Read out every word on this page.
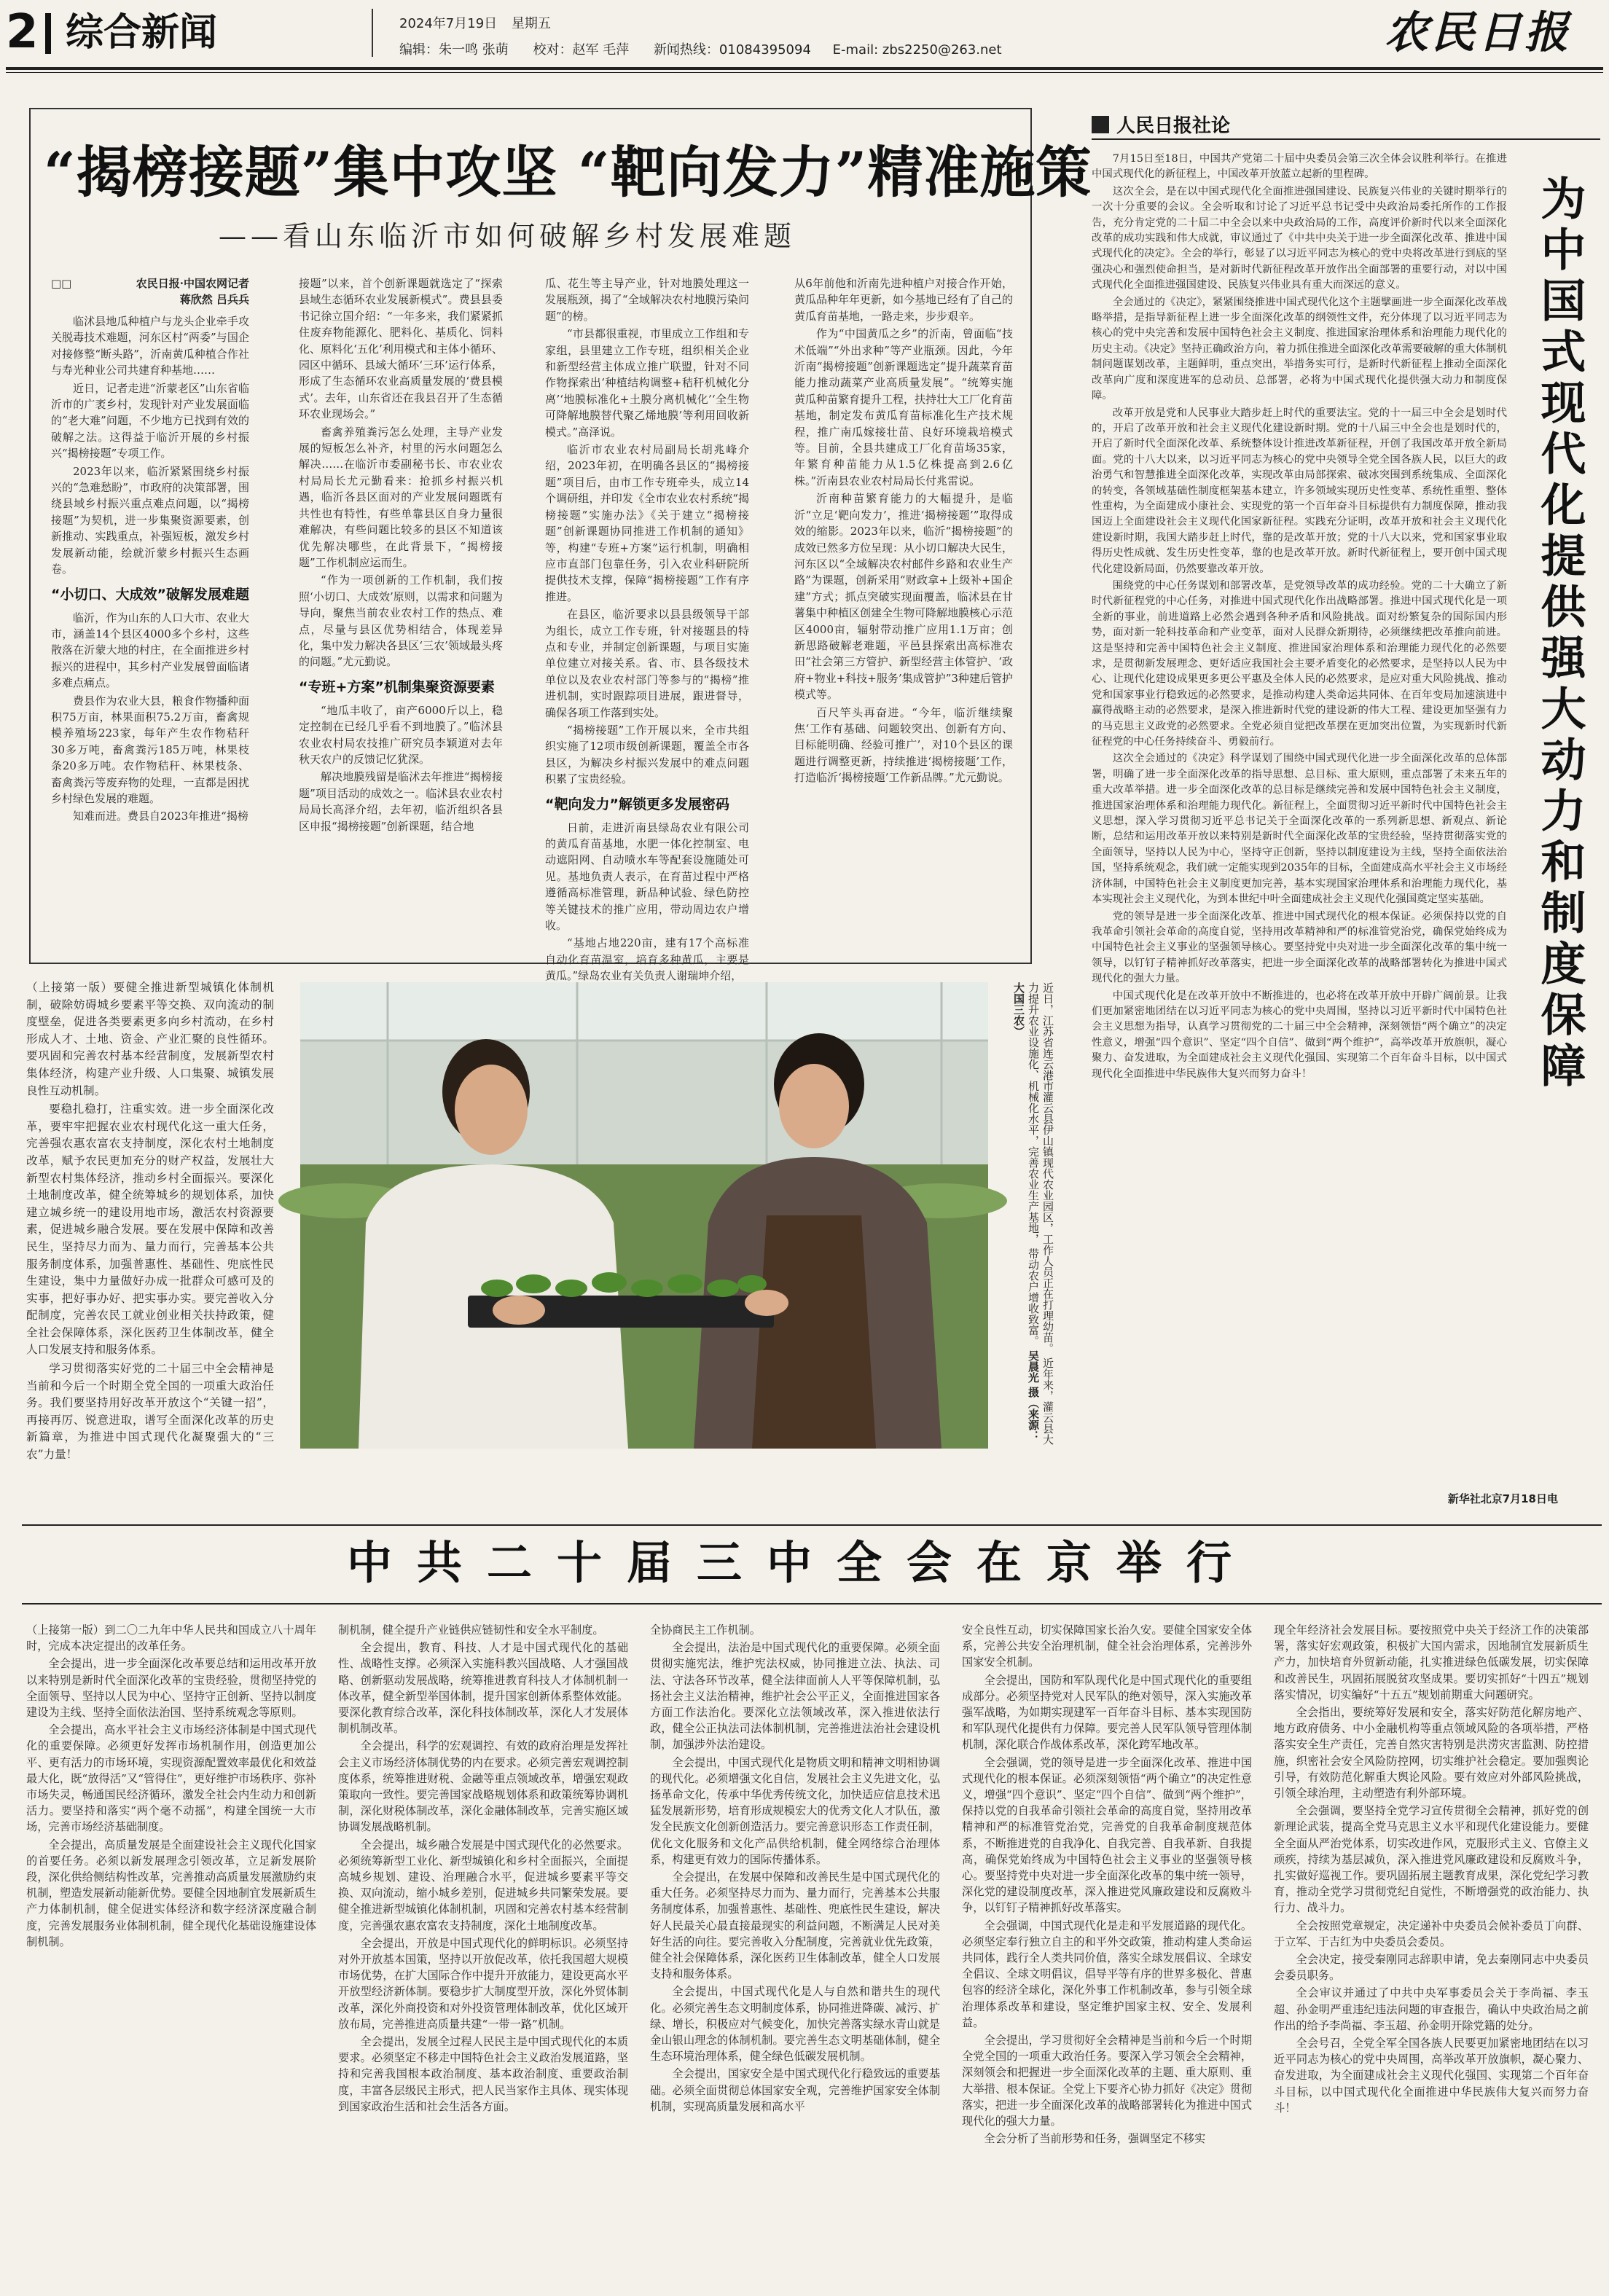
2 综合新闻	2024年7月19日 星期五
编辑：朱一鸣 张萌 校对：赵军 毛萍 新闻热线：01084395094 E-mail: zbs2250@263.net	农民日报
“揭榜接题”集中攻坚 “靶向发力”精准施策
——看山东临沂市如何破解乡村发展难题
□□	农民日报·中国农网记者
蒋欣然 吕兵兵

临沭县地瓜种植户与龙头企业牵手攻关脱毒技术难题，河东区村“两委”与国企对接修整“断头路”，沂南黄瓜种植合作社与寿光种业公司共建育种基地……

近日，记者走进“沂蒙老区”山东省临沂市的广袤乡村，发现针对产业发展面临的“老大难”问题，不少地方已找到有效的破解之法。这得益于临沂开展的乡村振兴“揭榜接题”专项工作。

2023年以来，临沂紧紧围绕乡村振兴的“急难愁盼”，市政府的决策部署，围绕县域乡村振兴重点难点问题，以“揭榜接题”为契机，进一步集聚资源要素，创新推动、实践重点，补强短板，激发乡村发展新动能，绘就沂蒙乡村振兴生态画卷。

“小切口、大成效”破解发展难题

临沂，作为山东的人口大市、农业大市，涵盖14个县区4000多个乡村，这些散落在沂蒙大地的村庄，在全面推进乡村振兴的进程中，其乡村产业发展曾面临诸多难点痛点。

费县作为农业大县，粮食作物播种面积75万亩，林果面积75.2万亩，畜禽规模养殖场223家，每年产生农作物秸秆30多万吨，畜禽粪污185万吨，林果枝条20多万吨。农作物秸秆、林果枝条、畜禽粪污等废弃物的处理，一直都是困扰乡村绿色发展的难题。

知难而进。费县自2023年推进“揭榜

接题”以来，首个创新课题就选定了“探索县域生态循环农业发展新模式”。费县县委书记徐立国介绍：“一年多来，我们紧紧抓住废弃物能源化、肥料化、基质化、饲料化、原料化‘五化’利用模式和主体小循环、园区中循环、县域大循环‘三环’运行体系，形成了生态循环农业高质量发展的‘费县模式’。去年，山东省还在我县召开了生态循环农业现场会。”

畜禽养殖粪污怎么处理，主导产业发展的短板怎么补齐，村里的污水问题怎么解决……在临沂市委副秘书长、市农业农村局局长尤元勤看来：抢抓乡村振兴机遇，临沂各县区面对的产业发展问题既有共性也有特性，有些单靠县区自身力量很难解决，有些问题比较多的县区不知道该优先解决哪些，在此背景下，“揭榜接题”工作机制应运而生。

“作为一项创新的工作机制，我们按照‘小切口、大成效’原则，以需求和问题为导向，聚焦当前农业农村工作的热点、难点，尽量与县区优势相结合，体现差异化，集中发力解决各县区‘三农’领域最头疼的问题。”尤元勤说。

“专班+方案”机制集聚资源要素

“地瓜丰收了，亩产6000斤以上，稳定控制在已经几乎看不到地膜了。”临沭县农业农村局农技推广研究员李颖道对去年秋天农户的反馈记忆犹深。

解决地膜残留是临沭去年推进“揭榜接题”项目活动的成效之一。临沭县农业农村局局长高泽介绍，去年初，临沂组织各县区申报“揭榜接题”创新课题，结合地

瓜、花生等主导产业，针对地膜处理这一发展瓶颈，揭了“全域解决农村地膜污染问题”的榜。

“市县都很重视，市里成立工作组和专家组，县里建立工作专班，组织相关企业和新型经营主体成立推广联盟，针对不同作物探索出‘种植结构调整+秸秆机械化分离’‘地膜标准化+土膜分离机械化’‘全生物可降解地膜替代聚乙烯地膜’等利用回收新模式。”高泽说。

临沂市农业农村局副局长胡兆峰介绍，2023年初，在明确各县区的“揭榜接题”项目后，由市工作专班牵头，成立14个调研组，并印发《全市农业农村系统“揭榜接题”实施办法》《关于建立“揭榜接题”创新课题协同推进工作机制的通知》等，构建“专班+方案”运行机制，明确相应市直部门包靠任务，引入农业科研院所提供技术支撑，保障“揭榜接题”工作有序推进。

在县区，临沂要求以县县级领导干部为组长，成立工作专班，针对接题县的特点和专业，并制定创新课题，与项目实施单位建立对接关系。省、市、县各级技术单位以及农业农村部门等参与的“揭榜”推进机制，实时跟踪项目进展，跟进督导，确保各项工作落到实处。

“揭榜接题”工作开展以来，全市共组织实施了12项市级创新课题，覆盖全市各县区，为解决乡村振兴发展中的难点问题积累了宝贵经验。

“靶向发力”解锁更多发展密码

日前，走进沂南县绿岛农业有限公司的黄瓜育苗基地，水肥一体化控制室、电动遮阳网、自动喷水车等配套设施随处可见。基地负责人表示，在育苗过程中严格遵循高标准管理，新品种试验、绿色防控等关键技术的推广应用，带动周边农户增收。

“基地占地220亩，建有17个高标准自动化育苗温室，培育多种黄瓜，主要是黄瓜。”绿岛农业有关负责人谢瑞坤介绍，

从6年前他和沂南先进种植户对接合作开始，黄瓜品种年年更新，如今基地已经有了自己的黄瓜育苗基地，一路走来，步步艰辛。

作为“中国黄瓜之乡”的沂南，曾面临“技术低端”“外出求种”等产业瓶颈。因此，今年沂南“揭榜接题”创新课题选定“提升蔬菜育苗能力推动蔬菜产业高质量发展”。“统筹实施黄瓜种苗繁育提升工程，扶持壮大工厂化育苗基地，制定发布黄瓜育苗标准化生产技术规程，推广南瓜嫁接壮苗、良好环境栽培模式等。目前，全县共建成工厂化育苗场35家，年繁育种苗能力从1.5亿株提高到2.6亿株。”沂南县农业农村局局长付兆雷说。

沂南种苗繁育能力的大幅提升，是临沂“立足‘靶向发力’，推进‘揭榜接题’”取得成效的缩影。2023年以来，临沂“揭榜接题”的成效已然多方位呈现：从小切口解决大民生，河东区以“全域解决农村邮件乡路和农业生产路”为课题，创新采用“财政拿+上级补+国企建”方式；抓点突破实现面覆盖，临沭县在甘薯集中种植区创建全生物可降解地膜核心示范区4000亩，辐射带动推广应用1.1万亩；创新思路破解老难题，平邑县探索出高标准农田“社会第三方管护、新型经营主体管护、‘政府+物业+科技+服务’集成管护”3种建后管护模式等。

百尺竿头再奋进。“今年，临沂继续聚焦‘工作有基础、问题较突出、创新有方向、目标能明确、经验可推广’，对10个县区的课题进行调整更新，持续推进‘揭榜接题’工作，打造临沂‘揭榜接题’工作新品牌。”尤元勤说。

（上接第一版）要健全推进新型城镇化体制机制，破除妨碍城乡要素平等交换、双向流动的制度壁垒，促进各类要素更多向乡村流动，在乡村形成人才、土地、资金、产业汇聚的良性循环。要巩固和完善农村基本经营制度，发展新型农村集体经济，构建产业升级、人口集聚、城镇发展良性互动机制。

要稳扎稳打，注重实效。进一步全面深化改革，要牢牢把握农业农村现代化这一重大任务，完善强农惠农富农支持制度，深化农村土地制度改革，赋予农民更加充分的财产权益，发展壮大新型农村集体经济，推动乡村全面振兴。要深化土地制度改革，健全统筹城乡的规划体系，加快建立城乡统一的建设用地市场，激活农村资源要素，促进城乡融合发展。要在发展中保障和改善民生，坚持尽力而为、量力而行，完善基本公共服务制度体系，加强普惠性、基础性、兜底性民生建设，集中力量做好办成一批群众可感可及的实事，把好事办好、把实事办实。要完善收入分配制度，完善农民工就业创业相关扶持政策，健全社会保障体系，深化医药卫生体制改革，健全人口发展支持和服务体系。

学习贯彻落实好党的二十届三中全会精神是当前和今后一个时期全党全国的一项重大政治任务。我们要坚持用好改革开放这个“关键一招”，再接再厉、锐意进取，谱写全面深化改革的历史新篇章，为推进中国式现代化凝聚强大的“三农”力量！

近日，江苏省连云港市灌云县伊山镇现代农业园区，工作人员正在打理幼苗。 近年来，灌云县大力提升农业设施化、机械化水平，完善农业生产基地， 带动农户增收致富。 吴晨光 摄（来源：大国三农）
人民日报社论

7月15日至18日，中国共产党第二十届中央委员会第三次全体会议胜利举行。在推进中国式现代化的新征程上，中国改革开放蓝立起新的里程碑。

这次全会，是在以中国式现代化全面推进强国建设、民族复兴伟业的关键时期举行的一次十分重要的会议。全会听取和讨论了习近平总书记受中央政治局委托所作的工作报告，充分肯定党的二十届二中全会以来中央政治局的工作，高度评价新时代以来全面深化改革的成功实践和伟大成就，审议通过了《中共中央关于进一步全面深化改革、推进中国式现代化的决定》。全会的举行，彰显了以习近平同志为核心的党中央将改革进行到底的坚强决心和强烈使命担当，是对新时代新征程改革开放作出全面部署的重要行动，对以中国式现代化全面推进强国建设、民族复兴伟业具有重大而深远的意义。

全会通过的《决定》，紧紧围绕推进中国式现代化这个主题擘画进一步全面深化改革战略举措，是指导新征程上进一步全面深化改革的纲领性文件，充分体现了以习近平同志为核心的党中央完善和发展中国特色社会主义制度、推进国家治理体系和治理能力现代化的历史主动。《决定》坚持正确政治方向，着力抓住推进全面深化改革需要破解的重大体制机制问题谋划改革，主题鲜明，重点突出，举措务实可行，是新时代新征程上推动全面深化改革向广度和深度进军的总动员、总部署，必将为中国式现代化提供强大动力和制度保障。

改革开放是党和人民事业大踏步赶上时代的重要法宝。党的十一届三中全会是划时代的，开启了改革开放和社会主义现代化建设新时期。党的十八届三中全会也是划时代的，开启了新时代全面深化改革、系统整体设计推进改革新征程，开创了我国改革开放全新局面。党的十八大以来，以习近平同志为核心的党中央领导全党全国各族人民，以巨大的政治勇气和智慧推进全面深化改革，实现改革由局部探索、破冰突围到系统集成、全面深化的转变，各领域基础性制度框架基本建立，许多领域实现历史性变革、系统性重塑、整体性重构，为全面建成小康社会、实现党的第一个百年奋斗目标提供有力制度保障，推动我国迈上全面建设社会主义现代化国家新征程。实践充分证明，改革开放和社会主义现代化建设新时期，我国大踏步赶上时代，靠的是改革开放；党的十八大以来，党和国家事业取得历史性成就、发生历史性变革，靠的也是改革开放。新时代新征程上，要开创中国式现代化建设新局面，仍然要靠改革开放。

围绕党的中心任务谋划和部署改革，是党领导改革的成功经验。党的二十大确立了新时代新征程党的中心任务，对推进中国式现代化作出战略部署。推进中国式现代化是一项全新的事业，前进道路上必然会遇到各种矛盾和风险挑战。面对纷繁复杂的国际国内形势，面对新一轮科技革命和产业变革，面对人民群众新期待，必须继续把改革推向前进。这是坚持和完善中国特色社会主义制度、推进国家治理体系和治理能力现代化的必然要求，是贯彻新发展理念、更好适应我国社会主要矛盾变化的必然要求，是坚持以人民为中心、让现代化建设成果更多更公平惠及全体人民的必然要求，是应对重大风险挑战、推动党和国家事业行稳致远的必然要求，是推动构建人类命运共同体、在百年变局加速演进中赢得战略主动的必然要求，是深入推进新时代党的建设新的伟大工程、建设更加坚强有力的马克思主义政党的必然要求。全党必须自觉把改革摆在更加突出位置，为实现新时代新征程党的中心任务持续奋斗、勇毅前行。

这次全会通过的《决定》科学谋划了围绕中国式现代化进一步全面深化改革的总体部署，明确了进一步全面深化改革的指导思想、总目标、重大原则，重点部署了未来五年的重大改革举措。进一步全面深化改革的总目标是继续完善和发展中国特色社会主义制度，推进国家治理体系和治理能力现代化。新征程上，全面贯彻习近平新时代中国特色社会主义思想，深入学习贯彻习近平总书记关于全面深化改革的一系列新思想、新观点、新论断，总结和运用改革开放以来特别是新时代全面深化改革的宝贵经验，坚持贯彻落实党的全面领导，坚持以人民为中心，坚持守正创新，坚持以制度建设为主线，坚持全面依法治国，坚持系统观念，我们就一定能实现到2035年的目标，全面建成高水平社会主义市场经济体制，中国特色社会主义制度更加完善，基本实现国家治理体系和治理能力现代化，基本实现社会主义现代化，为到本世纪中叶全面建成社会主义现代化强国奠定坚实基础。

党的领导是进一步全面深化改革、推进中国式现代化的根本保证。必须保持以党的自我革命引领社会革命的高度自觉，坚持用改革精神和严的标准管党治党，确保党始终成为中国特色社会主义事业的坚强领导核心。要坚持党中央对进一步全面深化改革的集中统一领导，以钉钉子精神抓好改革落实，把进一步全面深化改革的战略部署转化为推进中国式现代化的强大力量。

中国式现代化是在改革开放中不断推进的，也必将在改革开放中开辟广阔前景。让我们更加紧密地团结在以习近平同志为核心的党中央周围，坚持以习近平新时代中国特色社会主义思想为指导，认真学习贯彻党的二十届三中全会精神，深刻领悟“两个确立”的决定性意义，增强“四个意识”、坚定“四个自信”、做到“两个维护”，高举改革开放旗帜，凝心聚力、奋发进取，为全面建成社会主义现代化强国、实现第二个百年奋斗目标，以中国式现代化全面推进中华民族伟大复兴而努力奋斗！

新华社北京7月18日电
为中国式现代化提供强大动力和制度保障
中共二十届三中全会在京举行

（上接第一版）到二〇二九年中华人民共和国成立八十周年时，完成本决定提出的改革任务。

全会提出，进一步全面深化改革要总结和运用改革开放以来特别是新时代全面深化改革的宝贵经验，贯彻坚持党的全面领导、坚持以人民为中心、坚持守正创新、坚持以制度建设为主线、坚持全面依法治国、坚持系统观念等原则。

全会提出，高水平社会主义市场经济体制是中国式现代化的重要保障。必须更好发挥市场机制作用，创造更加公平、更有活力的市场环境，实现资源配置效率最优化和效益最大化，既“放得活”又“管得住”，更好维护市场秩序、弥补市场失灵，畅通国民经济循环，激发全社会内生动力和创新活力。要坚持和落实“两个毫不动摇”，构建全国统一大市场，完善市场经济基础制度。

全会提出，高质量发展是全面建设社会主义现代化国家的首要任务。必须以新发展理念引领改革，立足新发展阶段，深化供给侧结构性改革，完善推动高质量发展激励约束机制，塑造发展新动能新优势。要健全因地制宜发展新质生产力体制机制，健全促进实体经济和数字经济深度融合制度，完善发展服务业体制机制，健全现代化基础设施建设体制机制。

制机制，健全提升产业链供应链韧性和安全水平制度。

全会提出，教育、科技、人才是中国式现代化的基础性、战略性支撑。必须深入实施科教兴国战略、人才强国战略、创新驱动发展战略，统筹推进教育科技人才体制机制一体改革，健全新型举国体制，提升国家创新体系整体效能。要深化教育综合改革，深化科技体制改革，深化人才发展体制机制改革。

全会提出，科学的宏观调控、有效的政府治理是发挥社会主义市场经济体制优势的内在要求。必须完善宏观调控制度体系，统筹推进财税、金融等重点领域改革，增强宏观政策取向一致性。要完善国家战略规划体系和政策统筹协调机制，深化财税体制改革，深化金融体制改革，完善实施区域协调发展战略机制。

全会提出，城乡融合发展是中国式现代化的必然要求。必须统筹新型工业化、新型城镇化和乡村全面振兴，全面提高城乡规划、建设、治理融合水平，促进城乡要素平等交换、双向流动，缩小城乡差别，促进城乡共同繁荣发展。要健全推进新型城镇化体制机制，巩固和完善农村基本经营制度，完善强农惠农富农支持制度，深化土地制度改革。

全会提出，开放是中国式现代化的鲜明标识。必须坚持对外开放基本国策，坚持以开放促改革，依托我国超大规模市场优势，在扩大国际合作中提升开放能力，建设更高水平开放型经济新体制。要稳步扩大制度型开放，深化外贸体制改革，深化外商投资和对外投资管理体制改革，优化区域开放布局，完善推进高质量共建“一带一路”机制。

全会提出，发展全过程人民民主是中国式现代化的本质要求。必须坚定不移走中国特色社会主义政治发展道路，坚持和完善我国根本政治制度、基本政治制度、重要政治制度，丰富各层级民主形式，把人民当家作主具体、现实体现到国家政治生活和社会生活各方面。

全协商民主工作机制。

全会提出，法治是中国式现代化的重要保障。必须全面贯彻实施宪法，维护宪法权威，协同推进立法、执法、司法、守法各环节改革，健全法律面前人人平等保障机制，弘扬社会主义法治精神，维护社会公平正义，全面推进国家各方面工作法治化。要深化立法领域改革，深入推进依法行政，健全公正执法司法体制机制，完善推进法治社会建设机制，加强涉外法治建设。

全会提出，中国式现代化是物质文明和精神文明相协调的现代化。必须增强文化自信，发展社会主义先进文化，弘扬革命文化，传承中华优秀传统文化，加快适应信息技术迅猛发展新形势，培育形成规模宏大的优秀文化人才队伍，激发全民族文化创新创造活力。要完善意识形态工作责任制，优化文化服务和文化产品供给机制，健全网络综合治理体系，构建更有效力的国际传播体系。

全会提出，在发展中保障和改善民生是中国式现代化的重大任务。必须坚持尽力而为、量力而行，完善基本公共服务制度体系，加强普惠性、基础性、兜底性民生建设，解决好人民最关心最直接最现实的利益问题，不断满足人民对美好生活的向往。要完善收入分配制度，完善就业优先政策，健全社会保障体系，深化医药卫生体制改革，健全人口发展支持和服务体系。

全会提出，中国式现代化是人与自然和谐共生的现代化。必须完善生态文明制度体系，协同推进降碳、减污、扩绿、增长，积极应对气候变化，加快完善落实绿水青山就是金山银山理念的体制机制。要完善生态文明基础体制，健全生态环境治理体系，健全绿色低碳发展机制。

全会提出，国家安全是中国式现代化行稳致远的重要基础。必须全面贯彻总体国家安全观，完善维护国家安全体制机制，实现高质量发展和高水平

安全良性互动，切实保障国家长治久安。要健全国家安全体系，完善公共安全治理机制，健全社会治理体系，完善涉外国家安全机制。

全会提出，国防和军队现代化是中国式现代化的重要组成部分。必须坚持党对人民军队的绝对领导，深入实施改革强军战略，为如期实现建军一百年奋斗目标、基本实现国防和军队现代化提供有力保障。要完善人民军队领导管理体制机制，深化联合作战体系改革，深化跨军地改革。

全会强调，党的领导是进一步全面深化改革、推进中国式现代化的根本保证。必须深刻领悟“两个确立”的决定性意义，增强“四个意识”、坚定“四个自信”、做到“两个维护”，保持以党的自我革命引领社会革命的高度自觉，坚持用改革精神和严的标准管党治党，完善党的自我革命制度规范体系，不断推进党的自我净化、自我完善、自我革新、自我提高，确保党始终成为中国特色社会主义事业的坚强领导核心。要坚持党中央对进一步全面深化改革的集中统一领导，深化党的建设制度改革，深入推进党风廉政建设和反腐败斗争，以钉钉子精神抓好改革落实。

全会强调，中国式现代化是走和平发展道路的现代化。必须坚定奉行独立自主的和平外交政策，推动构建人类命运共同体，践行全人类共同价值，落实全球发展倡议、全球安全倡议、全球文明倡议，倡导平等有序的世界多极化、普惠包容的经济全球化，深化外事工作机制改革，参与引领全球治理体系改革和建设，坚定维护国家主权、安全、发展利益。

全会提出，学习贯彻好全会精神是当前和今后一个时期全党全国的一项重大政治任务。要深入学习领会全会精神，深刻领会和把握进一步全面深化改革的主题、重大原则、重大举措、根本保证。全党上下要齐心协力抓好《决定》贯彻落实，把进一步全面深化改革的战略部署转化为推进中国式现代化的强大力量。

全会分析了当前形势和任务，强调坚定不移实

现全年经济社会发展目标。要按照党中央关于经济工作的决策部署，落实好宏观政策，积极扩大国内需求，因地制宜发展新质生产力，加快培育外贸新动能，扎实推进绿色低碳发展，切实保障和改善民生，巩固拓展脱贫攻坚成果。要切实抓好“十四五”规划落实情况，切实编好“十五五”规划前期重大问题研究。

全会指出，要统筹好发展和安全，落实好防范化解房地产、地方政府债务、中小金融机构等重点领域风险的各项举措，严格落实安全生产责任，完善自然灾害特别是洪涝灾害监测、防控措施，织密社会安全风险防控网，切实维护社会稳定。要加强舆论引导，有效防范化解重大舆论风险。要有效应对外部风险挑战，引领全球治理，主动塑造有利外部环境。

全会强调，要坚持全党学习宣传贯彻全会精神，抓好党的创新理论武装，提高全党马克思主义水平和现代化建设能力。要健全全面从严治党体系，切实改进作风，克服形式主义、官僚主义顽疾，持续为基层减负，深入推进党风廉政建设和反腐败斗争，扎实做好巡视工作。要巩固拓展主题教育成果，深化党纪学习教育，推动全党学习贯彻党纪自觉性，不断增强党的政治能力、执行力、战斗力。

全会按照党章规定，决定递补中央委员会候补委员丁向群、于立军、于吉红为中央委员会委员。

全会决定，接受秦刚同志辞职申请，免去秦刚同志中央委员会委员职务。

全会审议并通过了中共中央军事委员会关于李尚福、李玉超、孙金明严重违纪违法问题的审查报告，确认中央政治局之前作出的给予李尚福、李玉超、孙金明开除党籍的处分。

全会号召，全党全军全国各族人民要更加紧密地团结在以习近平同志为核心的党中央周围，高举改革开放旗帜，凝心聚力、奋发进取，为全面建成社会主义现代化强国、实现第二个百年奋斗目标，以中国式现代化全面推进中华民族伟大复兴而努力奋斗！
